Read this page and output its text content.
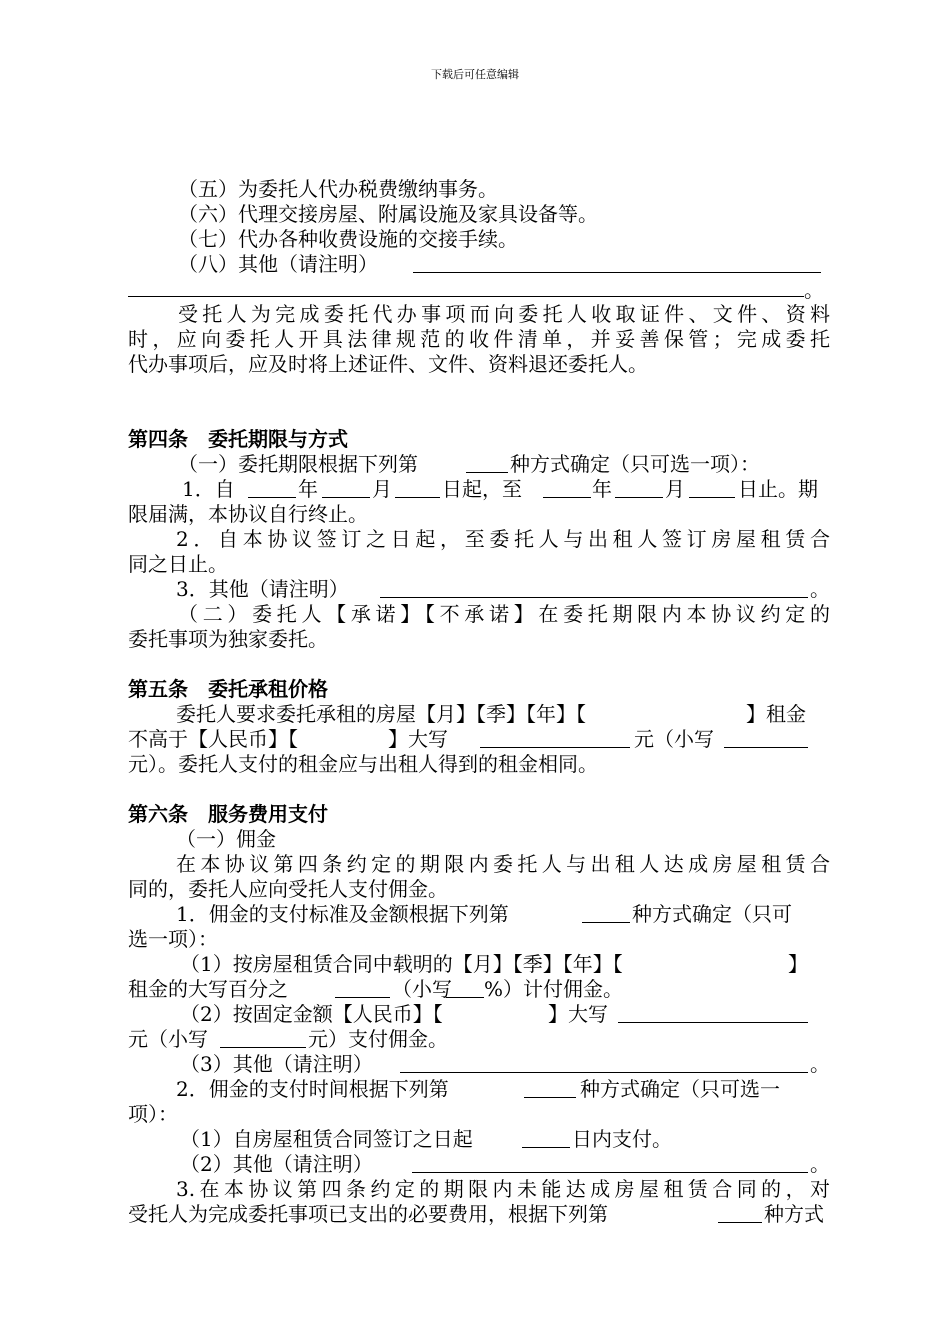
下载后可任意编辑
（五）为委托人代办税费缴纳事务。
（六）代理交接房屋、附属设施及家具设备等。
（七）代办各种收费设施的交接手续。
（八）其他（请注明）
。
受托人为完成委托代办事项而向委托人收取证件、文件、资料
时，应向委托人开具法律规范的收件清单，并妥善保管；完成委托
代办事项后，应及时将上述证件、文件、资料退还委托人。
第四条　委托期限与方式
（一）委托期限根据下列第	种方式确定（只可选一项）：
1．自	年	月	日起，至	年	月	日止。期
限届满，本协议自行终止。
2．自本协议签订之日起，至委托人与出租人签订房屋租赁合
同之日止。
3．其他（请注明）	。
（二）委托人【承诺】【不承诺】在委托期限内本协议约定的
委托事项为独家委托。
第五条　委托承租价格
委托人要求委托承租的房屋【月】【季】【年】【	】租金
不高于【人民币】【	】大写	元（小写
元）。委托人支付的租金应与出租人得到的租金相同。
第六条　服务费用支付
（一）佣金
在本协议第四条约定的期限内委托人与出租人达成房屋租赁合
同的，委托人应向受托人支付佣金。
1．佣金的支付标准及金额根据下列第	种方式确定（只可
选一项）：
（1）按房屋租赁合同中载明的【月】【季】【年】【	】
租金的大写百分之	（小写 %）计付佣金。
（2）按固定金额【人民币】【	】大写
元（小写	元）支付佣金。
（3）其他（请注明）	。
2．佣金的支付时间根据下列第	种方式确定（只可选一
项）：
（1）自房屋租赁合同签订之日起	日内支付。
（2）其他（请注明）	。
3.在本协议第四条约定的期限内未能达成房屋租赁合同的，对
受托人为完成委托事项已支出的必要费用，根据下列第	种方式
